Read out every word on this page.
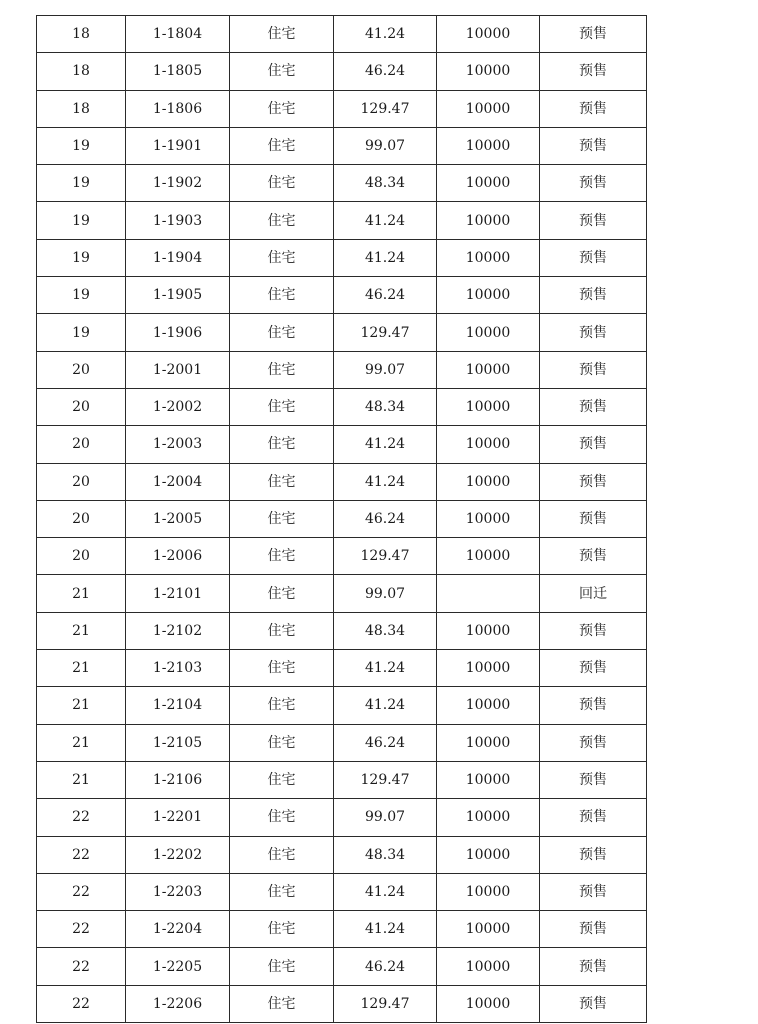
18	1-1804	住宅	41.24	10000	预售
18	1-1805	住宅	46.24	10000	预售
18	1-1806	住宅	129.47	10000	预售
19	1-1901	住宅	99.07	10000	预售
19	1-1902	住宅	48.34	10000	预售
19	1-1903	住宅	41.24	10000	预售
19	1-1904	住宅	41.24	10000	预售
19	1-1905	住宅	46.24	10000	预售
19	1-1906	住宅	129.47	10000	预售
20	1-2001	住宅	99.07	10000	预售
20	1-2002	住宅	48.34	10000	预售
20	1-2003	住宅	41.24	10000	预售
20	1-2004	住宅	41.24	10000	预售
20	1-2005	住宅	46.24	10000	预售
20	1-2006	住宅	129.47	10000	预售
21	1-2101	住宅	99.07		回迁
21	1-2102	住宅	48.34	10000	预售
21	1-2103	住宅	41.24	10000	预售
21	1-2104	住宅	41.24	10000	预售
21	1-2105	住宅	46.24	10000	预售
21	1-2106	住宅	129.47	10000	预售
22	1-2201	住宅	99.07	10000	预售
22	1-2202	住宅	48.34	10000	预售
22	1-2203	住宅	41.24	10000	预售
22	1-2204	住宅	41.24	10000	预售
22	1-2205	住宅	46.24	10000	预售
22	1-2206	住宅	129.47	10000	预售
